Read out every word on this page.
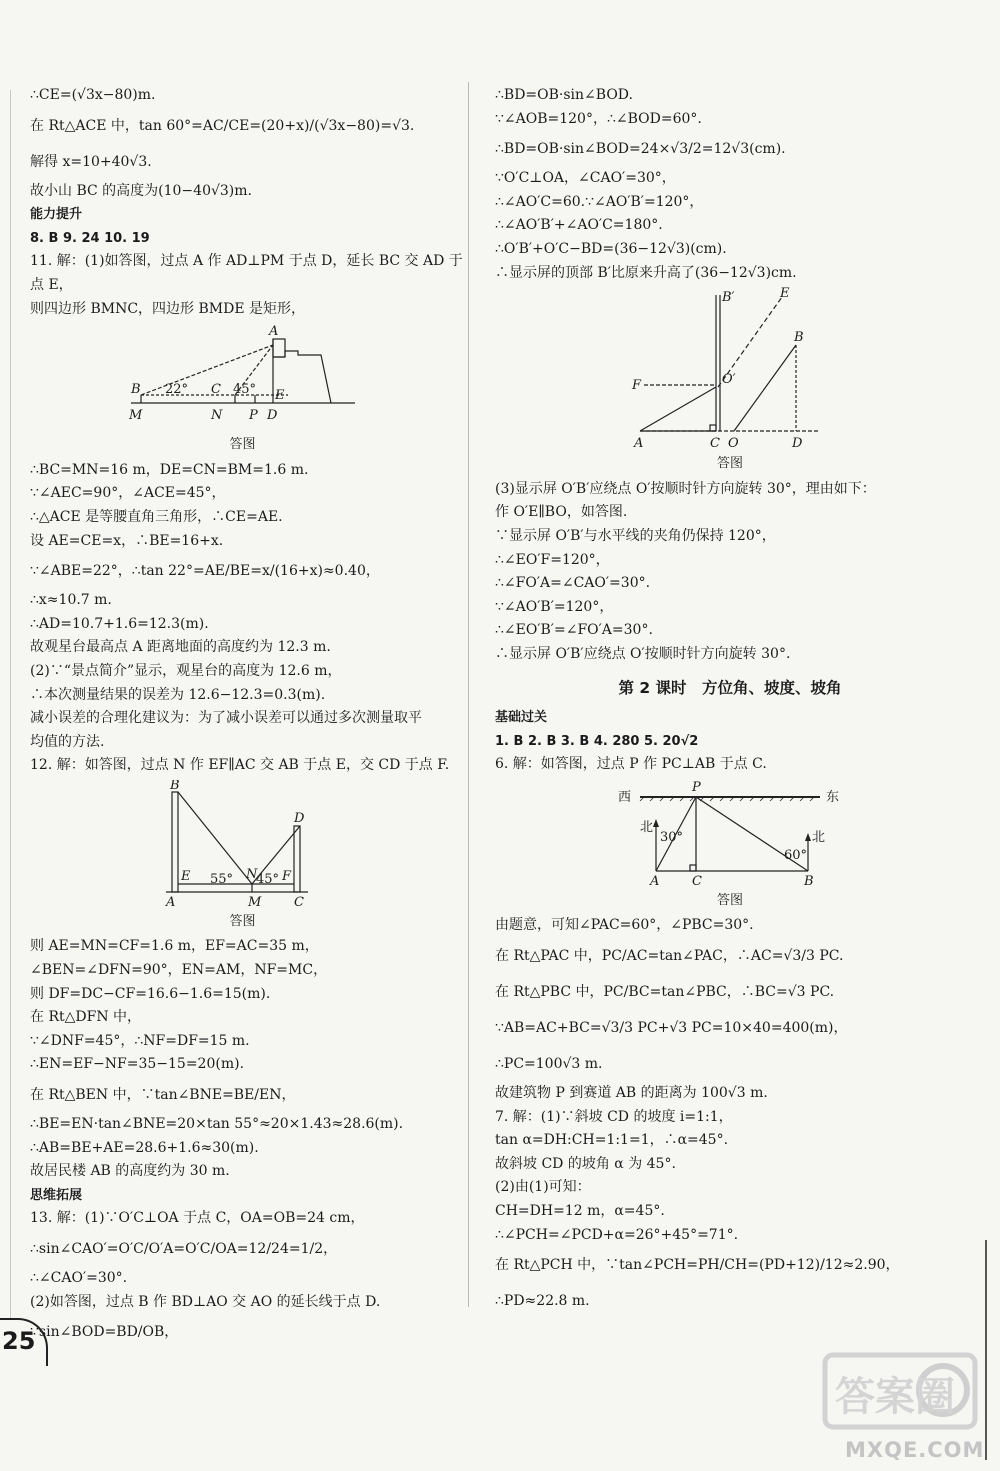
∴CE=(√3x−80)m.
在 Rt△ACE 中，tan 60°=AC/CE=(20+x)/(√3x−80)=√3.
解得 x=10+40√3.
故小山 BC 的高度为(10−40√3)m.
能力提升
8. B 9. 24 10. 19
11. 解：(1)如答图，过点 A 作 AD⊥PM 于点 D，延长 BC 交 AD 于
点 E，
则四边形 BMNC，四边形 BMDE 是矩形，
A
B	C	E
M	N P D
22°	45°
答图
∴BC=MN=16 m，DE=CN=BM=1.6 m.
∵∠AEC=90°，∠ACE=45°，
∴△ACE 是等腰直角三角形，∴CE=AE.
设 AE=CE=x，∴BE=16+x.
∵∠ABE=22°，∴tan 22°=AE/BE=x/(16+x)≈0.40，
∴x≈10.7 m.
∴AD=10.7+1.6=12.3(m).
故观星台最高点 A 距离地面的高度约为 12.3 m.
(2)∵“景点简介”显示，观星台的高度为 12.6 m，
∴本次测量结果的误差为 12.6−12.3=0.3(m).
减小误差的合理化建议为：为了减小误差可以通过多次测量取平
均值的方法.
12. 解：如答图，过点 N 作 EF∥AC 交 AB 于点 E，交 CD 于点 F.
B
D
E	N F
A	M	C
55° 45°
答图
则 AE=MN=CF=1.6 m，EF=AC=35 m，
∠BEN=∠DFN=90°，EN=AM，NF=MC，
则 DF=DC−CF=16.6−1.6=15(m).
在 Rt△DFN 中，
∵∠DNF=45°，∴NF=DF=15 m.
∴EN=EF−NF=35−15=20(m).
在 Rt△BEN 中，∵tan∠BNE=BE/EN，
∴BE=EN·tan∠BNE=20×tan 55°≈20×1.43≈28.6(m).
∴AB=BE+AE=28.6+1.6≈30(m).
故居民楼 AB 的高度约为 30 m.
思维拓展
13. 解：(1)∵O′C⊥OA 于点 C，OA=OB=24 cm，
∴sin∠CAO′=O′C/O′A=O′C/OA=12/24=1/2，
∴∠CAO′=30°.
(2)如答图，过点 B 作 BD⊥AO 交 AO 的延长线于点 D.
∵sin∠BOD=BD/OB，
∴BD=OB·sin∠BOD.
∵∠AOB=120°，∴∠BOD=60°.
∴BD=OB·sin∠BOD=24×√3/2=12√3(cm).
∵O′C⊥OA，∠CAO′=30°，
∴∠AO′C=60.∵∠AO′B′=120°，
∴∠AO′B′+∠AO′C=180°.
∴O′B′+O′C−BD=(36−12√3)(cm).
∴显示屏的顶部 B′比原来升高了(36−12√3)cm.
B′	E
B
F	O′
A	C O	D
答图
(3)显示屏 O′B′应绕点 O′按顺时针方向旋转 30°，理由如下：
作 O′E∥BO，如答图.
∵显示屏 O′B′与水平线的夹角仍保持 120°，
∴∠EO′F=120°，
∴∠FO′A=∠CAO′=30°.
∵∠AO′B′=120°，
∴∠EO′B′=∠FO′A=30°.
∴显示屏 O′B′应绕点 O′按顺时针方向旋转 30°.
第 2 课时　方位角、坡度、坡角
基础过关
1. B 2. B 3. B 4. 280 5. 20√2
6. 解：如答图，过点 P 作 PC⊥AB 于点 C.
西
P
东
北
30°
60°
北
A	C	B
答图
由题意，可知∠PAC=60°，∠PBC=30°.
在 Rt△PAC 中，PC/AC=tan∠PAC，∴AC=√3/3 PC.
在 Rt△PBC 中，PC/BC=tan∠PBC，∴BC=√3 PC.
∵AB=AC+BC=√3/3 PC+√3 PC=10×40=400(m)，
∴PC=100√3 m.
故建筑物 P 到赛道 AB 的距离为 100√3 m.
7. 解：(1)∵斜坡 CD 的坡度 i=1:1，
tan α=DH:CH=1:1=1，∴α=45°.
故斜坡 CD 的坡角 α 为 45°.
(2)由(1)可知：
CH=DH=12 m，α=45°.
∴∠PCH=∠PCD+α=26°+45°=71°.
在 Rt△PCH 中，∵tan∠PCH=PH/CH=(PD+12)/12≈2.90，
∴PD≈22.8 m.
25
答案圈
MXQE.COM
